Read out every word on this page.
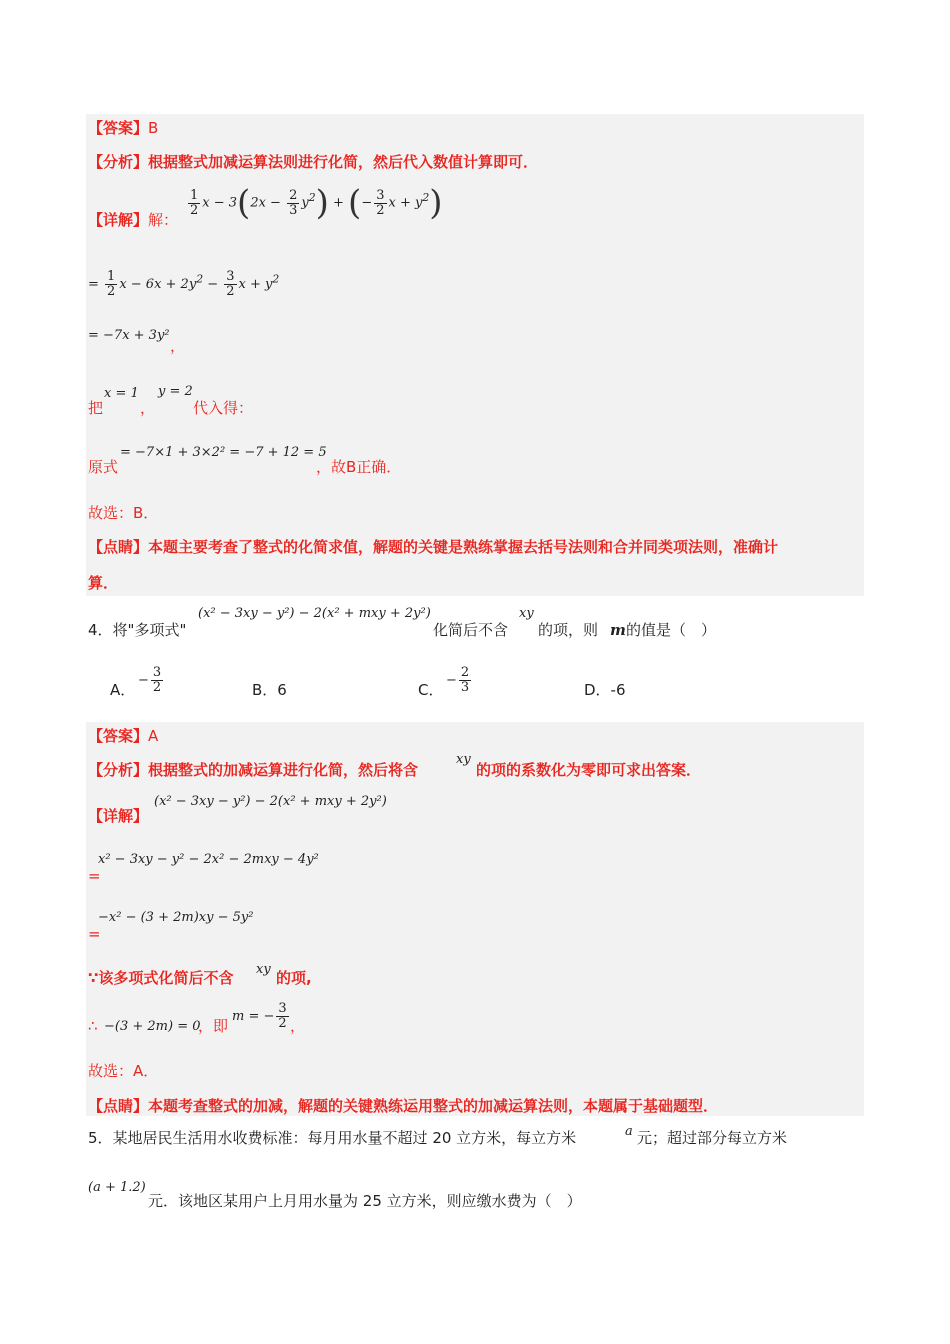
【答案】B
【分析】根据整式加减运算法则进行化简，然后代入数值计算即可．
【详解】解：
$\frac{1}{2}$ $x - 3(2x - \frac{2}{3} y^2)$ + (− $\frac{3}{2}$ $x + y^2$)
= $\frac{1}{2}$ $x - 6x + 2y^2 - \frac{3}{2}$ $x + y^2$
= −7x + 3y²
，
把
x = 1
，
y = 2
代入得：
原式
= −7×1 + 3×2² = −7 + 12 = 5
，故B正确．
故选：B．
【点睛】本题主要考查了整式的化简求值，解题的关键是熟练掌握去括号法则和合并同类项法则，准确计
算．
4．将"多项式"
(x² − 3xy − y²) − 2(x² + mxy + 2y²)
化简后不含
xy
的项，则 m 的值是（　）
A．
− $\frac{3}{2}$	B．6	C．
− $\frac{2}{3}$	D．-6
【答案】A
【分析】根据整式的加减运算进行化简，然后将含
xy
的项的系数化为零即可求出答案．
【详解】
(x² − 3xy − y²) − 2(x² + mxy + 2y²)
=
x² − 3xy − y² − 2x² − 2mxy − 4y²
=
−x² − (3 + 2m)xy − 5y²
∵该多项式化简后不含 xy 的项,
∴ −(3 + 2m) = 0
，即
m = − $\frac{3}{2}$ ，
故选：A．
【点睛】本题考查整式的加减，解题的关键熟练运用整式的加减运算法则，本题属于基础题型．
5．某地居民生活用水收费标准：每月用水量不超过 20 立方米，每立方米	a 元；超过部分每立方米
(a + 1.2)
元．该地区某用户上月用水量为 25 立方米，则应缴水费为（　）
